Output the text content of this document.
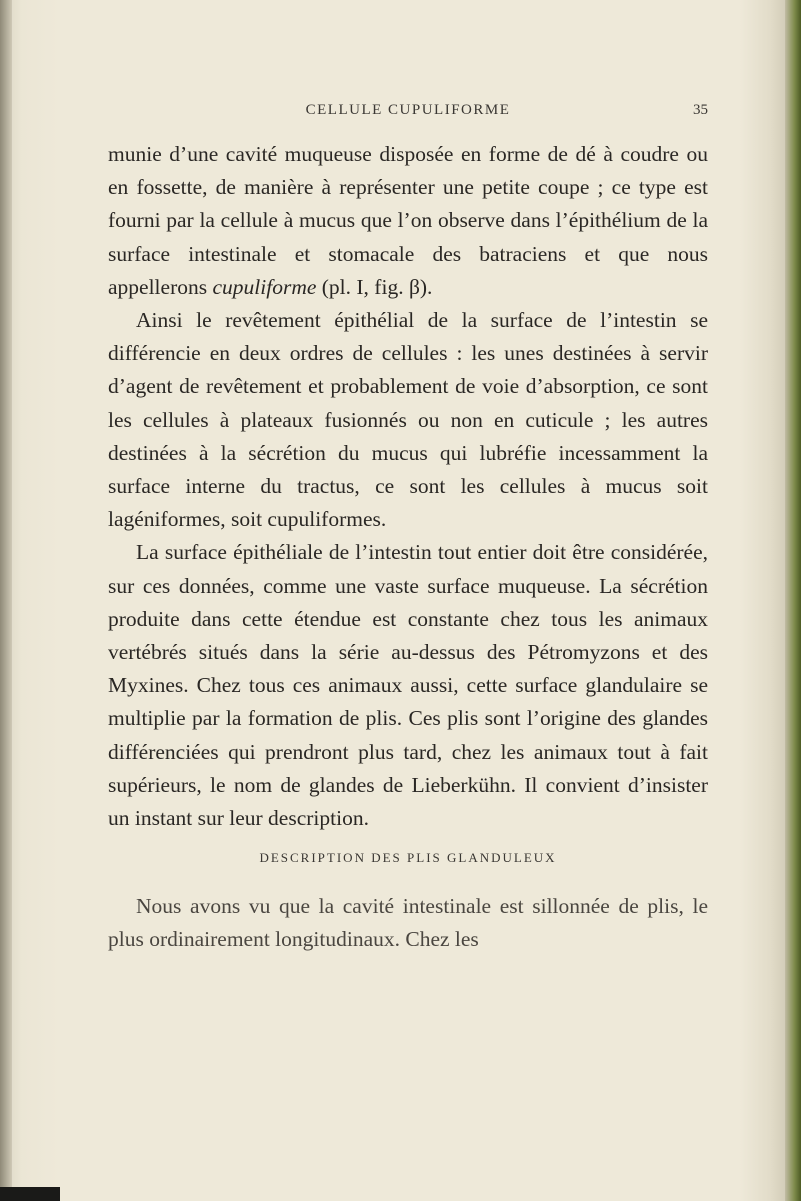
CELLULE CUPULIFORME	35

munie d’une cavité muqueuse disposée en forme de dé à coudre ou en fossette, de manière à représenter une petite coupe ; ce type est fourni par la cellule à mucus que l’on observe dans l’épithélium de la surface intestinale et stomacale des batraciens et que nous appellerons cupuliforme (pl. I, fig. β).

Ainsi le revêtement épithélial de la surface de l’intestin se différencie en deux ordres de cellules : les unes destinées à servir d’agent de revêtement et probablement de voie d’absorption, ce sont les cellules à plateaux fusionnés ou non en cuticule ; les autres destinées à la sécrétion du mucus qui lubréfie incessamment la surface interne du tractus, ce sont les cellules à mucus soit lagéniformes, soit cupuliformes.

La surface épithéliale de l’intestin tout entier doit être considérée, sur ces données, comme une vaste surface muqueuse. La sécrétion produite dans cette étendue est constante chez tous les animaux vertébrés situés dans la série au-dessus des Pétromyzons et des Myxines. Chez tous ces animaux aussi, cette surface glandulaire se multiplie par la formation de plis. Ces plis sont l’origine des glandes différenciées qui prendront plus tard, chez les animaux tout à fait supérieurs, le nom de glandes de Lieberkühn. Il convient d’insister un instant sur leur description.

DESCRIPTION DES PLIS GLANDULEUX

Nous avons vu que la cavité intestinale est sillonnée de plis, le plus ordinairement longitudinaux. Chez les
